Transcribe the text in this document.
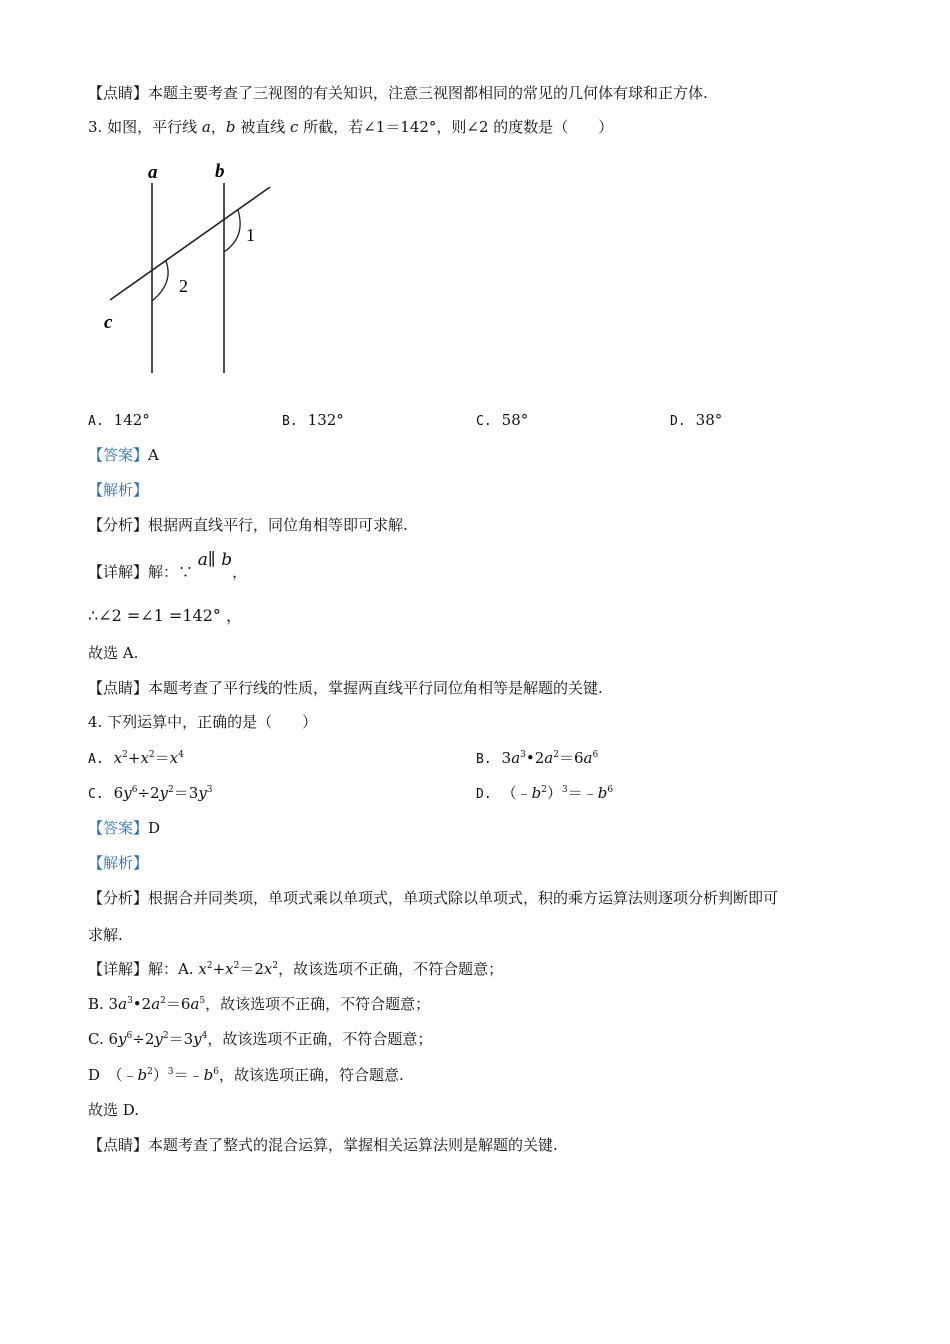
【点睛】本题主要考查了三视图的有关知识，注意三视图都相同的常见的几何体有球和正方体.
3. 如图，平行线 a，b 被直线 c 所截，若∠1＝142°，则∠2 的度数是（　　）
a	b
c
1
2
A. 142°	B. 132°	C. 58°	D. 38°
【答案】A
【解析】
【分析】根据两直线平行，同位角相等即可求解.
【详解】解：∵ a∥ b，
∴∠2 =∠1 =142° ，
故选 A.
【点睛】本题考查了平行线的性质，掌握两直线平行同位角相等是解题的关键.
4. 下列运算中，正确的是（　　）
A. $x^2+x^2=x^4$	B. $3a^3•2a^2=6a^6$
C. $6y^6\div 2y^2=3y^3$	D. $(﹣b^2)^3=﹣b^6$
【答案】D
【解析】
【分析】根据合并同类项，单项式乘以单项式，单项式除以单项式，积的乘方运算法则逐项分析判断即可
求解.
【详解】解：A. $x^2+x^2=2x^2$，故该选项不正确，不符合题意；
B. $3a^3•2a^2=6a^5$，故该选项不正确，不符合题意；
C. $6y^6\div 2y^2=3y^4$，故该选项不正确，不符合题意；
D　$(﹣b^2)^3=﹣b^6$，故该选项正确，符合题意.
故选 D.
【点睛】本题考查了整式的混合运算，掌握相关运算法则是解题的关键.
